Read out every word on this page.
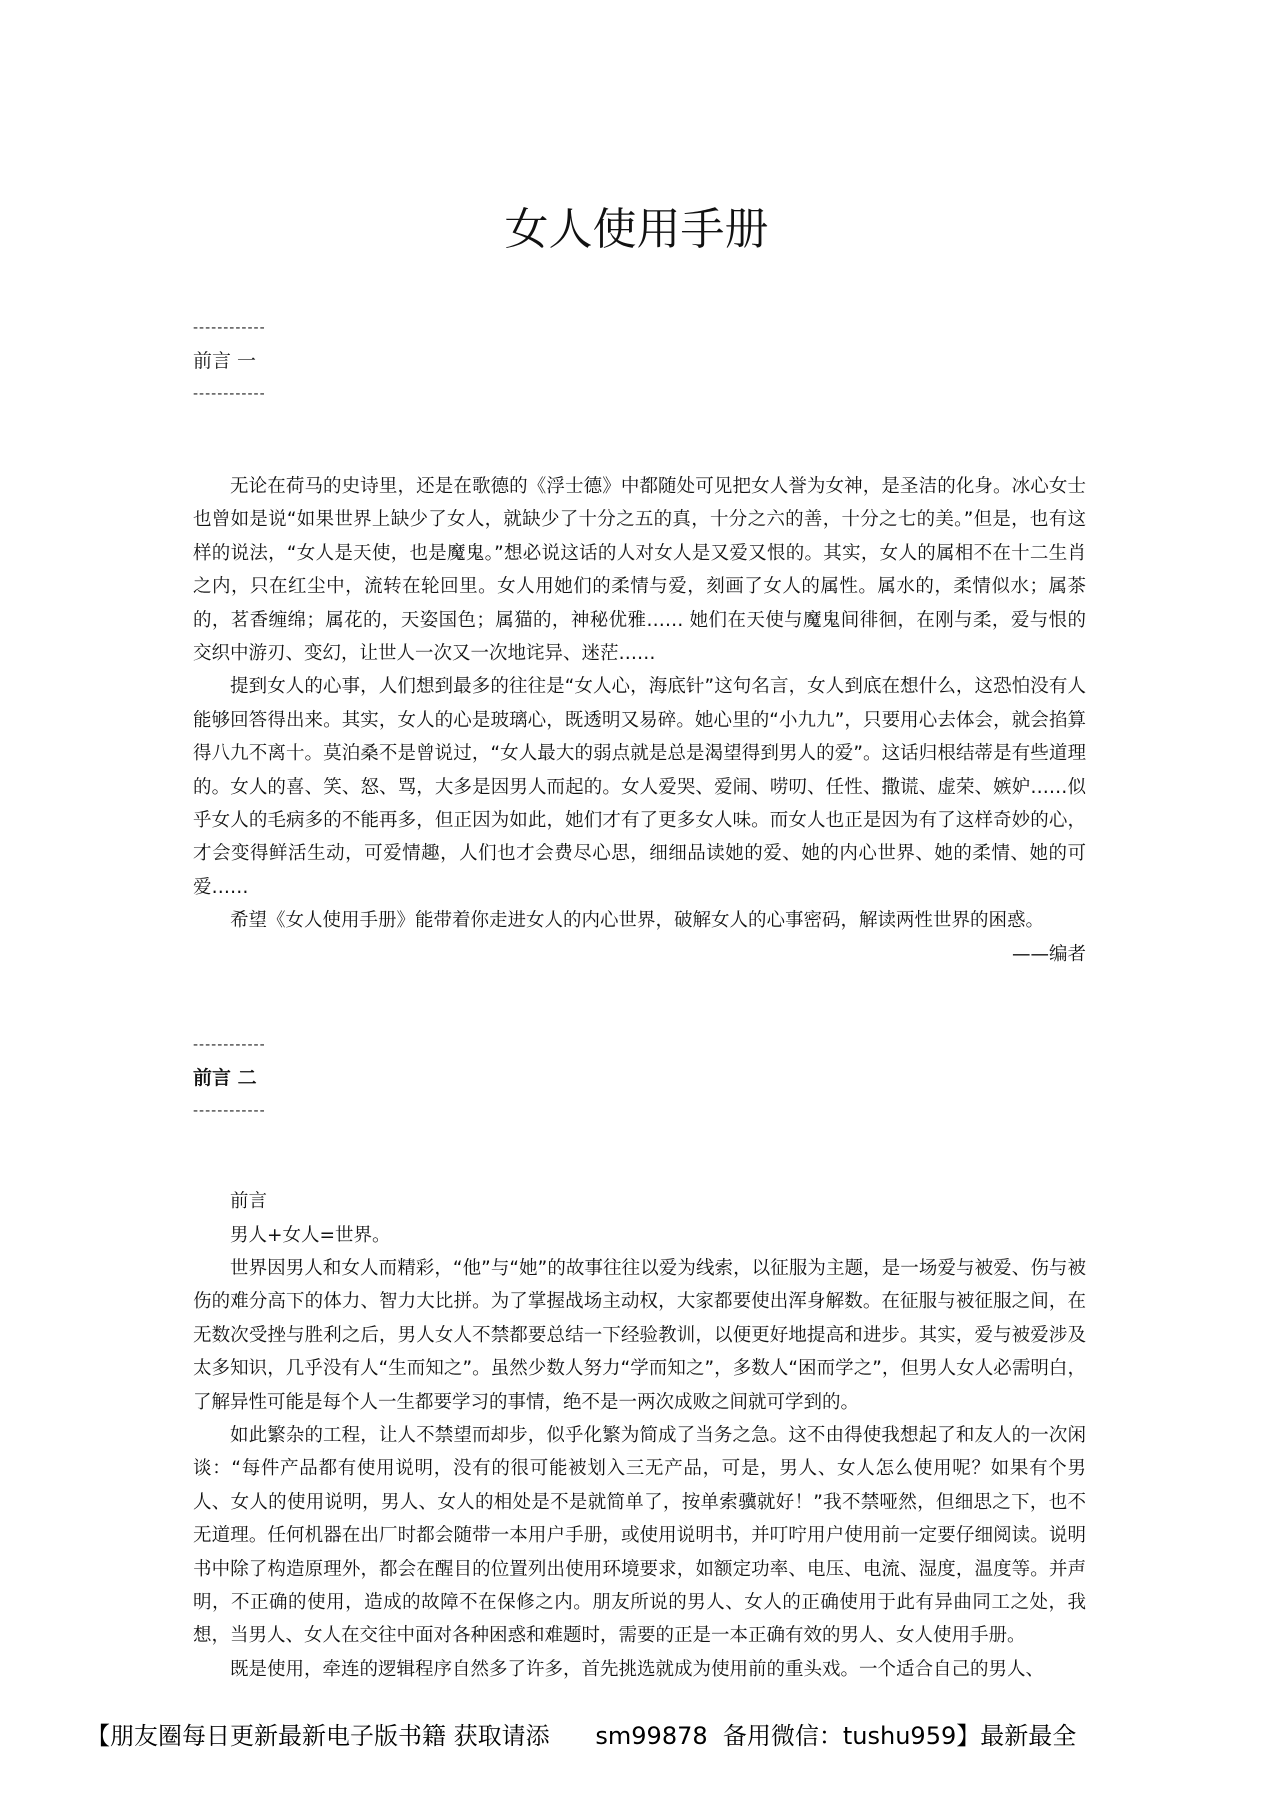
女人使用手册
------------
前言 一
------------

无论在荷马的史诗里，还是在歌德的《浮士德》中都随处可见把女人誉为女神，是圣洁的化身。冰心女士也曾如是说“如果世界上缺少了女人，就缺少了十分之五的真，十分之六的善，十分之七的美。”但是，也有这样的说法，“女人是天使，也是魔鬼。”想必说这话的人对女人是又爱又恨的。其实，女人的属相不在十二生肖之内，只在红尘中，流转在轮回里。女人用她们的柔情与爱，刻画了女人的属性。属水的，柔情似水；属茶的，茗香缠绵；属花的，天姿国色；属猫的，神秘优雅…… 她们在天使与魔鬼间徘徊，在刚与柔，爱与恨的交织中游刃、变幻，让世人一次又一次地诧异、迷茫……

提到女人的心事，人们想到最多的往往是“女人心，海底针”这句名言，女人到底在想什么，这恐怕没有人能够回答得出来。其实，女人的心是玻璃心，既透明又易碎。她心里的“小九九”，只要用心去体会，就会掐算得八九不离十。莫泊桑不是曾说过，“女人最大的弱点就是总是渴望得到男人的爱”。这话归根结蒂是有些道理的。女人的喜、笑、怒、骂，大多是因男人而起的。女人爱哭、爱闹、唠叨、任性、撒谎、虚荣、嫉妒……似乎女人的毛病多的不能再多，但正因为如此，她们才有了更多女人味。而女人也正是因为有了这样奇妙的心，才会变得鲜活生动，可爱情趣，人们也才会费尽心思，细细品读她的爱、她的内心世界、她的柔情、她的可爱……

希望《女人使用手册》能带着你走进女人的内心世界，破解女人的心事密码，解读两性世界的困惑。

——编者
------------
前言 二
------------

前言

男人+女人=世界。

世界因男人和女人而精彩，“他”与“她”的故事往往以爱为线索，以征服为主题，是一场爱与被爱、伤与被伤的难分高下的体力、智力大比拼。为了掌握战场主动权，大家都要使出浑身解数。在征服与被征服之间，在无数次受挫与胜利之后，男人女人不禁都要总结一下经验教训，以便更好地提高和进步。其实，爱与被爱涉及太多知识，几乎没有人“生而知之”。虽然少数人努力“学而知之”，多数人“困而学之”，但男人女人必需明白，了解异性可能是每个人一生都要学习的事情，绝不是一两次成败之间就可学到的。

如此繁杂的工程，让人不禁望而却步，似乎化繁为简成了当务之急。这不由得使我想起了和友人的一次闲谈：“每件产品都有使用说明，没有的很可能被划入三无产品，可是，男人、女人怎么使用呢？如果有个男人、女人的使用说明，男人、女人的相处是不是就简单了，按单索骥就好！”我不禁哑然，但细思之下，也不无道理。任何机器在出厂时都会随带一本用户手册，或使用说明书，并叮咛用户使用前一定要仔细阅读。说明书中除了构造原理外，都会在醒目的位置列出使用环境要求，如额定功率、电压、电流、湿度，温度等。并声明，不正确的使用，造成的故障不在保修之内。朋友所说的男人、女人的正确使用于此有异曲同工之处，我想，当男人、女人在交往中面对各种困惑和难题时，需要的正是一本正确有效的男人、女人使用手册。

既是使用，牵连的逻辑程序自然多了许多，首先挑选就成为使用前的重头戏。一个适合自己的男人、

【朋友圈每日更新最新电子版书籍 获取请添      sm99878  备用微信：tushu959】最新最全
